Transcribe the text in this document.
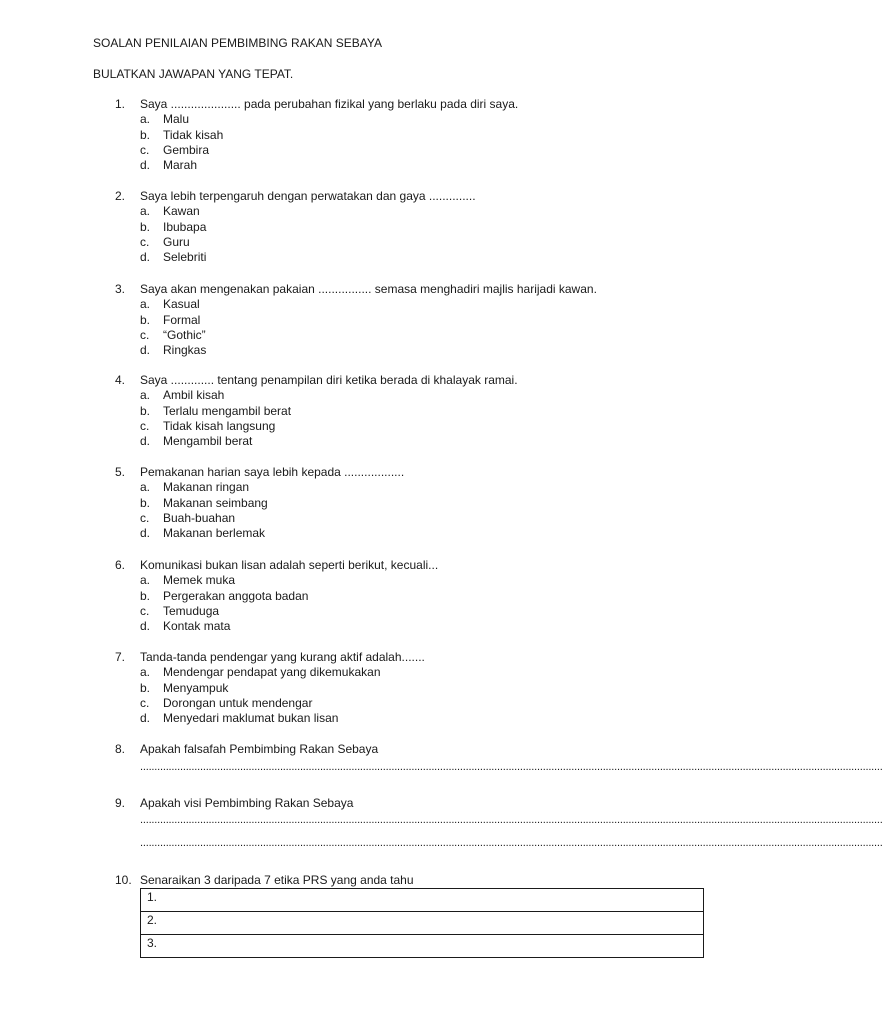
SOALAN PENILAIAN PEMBIMBING RAKAN SEBAYA
BULATKAN JAWAPAN YANG TEPAT.
1.	Saya ..................... pada perubahan fizikal yang berlaku pada diri saya.
a. Malu
b. Tidak kisah
c. Gembira
d. Marah
2.	Saya lebih terpengaruh dengan perwatakan dan gaya ..............
a. Kawan
b. Ibubapa
c. Guru
d. Selebriti
3.	Saya akan mengenakan pakaian ................ semasa menghadiri majlis harijadi kawan.
a. Kasual
b. Formal
c. “Gothic”
d. Ringkas
4.	Saya ............. tentang penampilan diri ketika berada di khalayak ramai.
a. Ambil kisah
b. Terlalu mengambil berat
c. Tidak kisah langsung
d. Mengambil berat
5.	Pemakanan harian saya lebih kepada ..................
a. Makanan ringan
b. Makanan seimbang
c. Buah-buahan
d. Makanan berlemak
6.	Komunikasi bukan lisan adalah seperti berikut, kecuali...
a. Memek muka
b. Pergerakan anggota badan
c. Temuduga
d. Kontak mata
7.	Tanda-tanda pendengar yang kurang aktif adalah.......
a. Mendengar pendapat yang dikemukakan
b. Menyampuk
c. Dorongan untuk mendengar
d. Menyedari maklumat bukan lisan
8.	Apakah falsafah Pembimbing Rakan Sebaya
....................................................................................................................................................................................................................................................................
9.	Apakah visi Pembimbing Rakan Sebaya
....................................................................................................................................................................................................................................................................
....................................................................................................................................................................................................................................................................
10. Senaraikan 3 daripada 7 etika PRS yang anda tahu
1.
2.
3.
